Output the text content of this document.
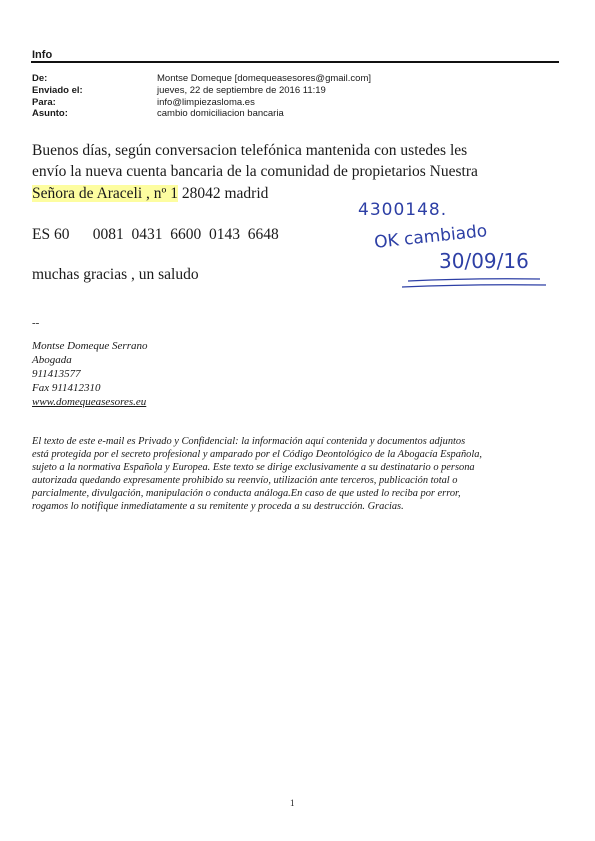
Info
De:	Montse Domeque [domequeasesores@gmail.com]
Enviado el:	jueves, 22 de septiembre de 2016 11:19
Para:	info@limpiezasloma.es
Asunto:	cambio domiciliacion bancaria
Buenos días, según conversacion telefónica mantenida con ustedes les
envío la nueva cuenta bancaria de la comunidad de propietarios Nuestra
Señora de Araceli , nº 1 28042 madrid
ES 60      0081  0431  6600  0143  6648
muchas gracias , un saludo
4300148.
OK cambiado
30/09/16
--
Montse Domeque Serrano
Abogada
911413577
Fax 911412310
www.domequeasesores.eu
El texto de este e-mail es Privado y Confidencial: la información aquí contenida y documentos adjuntos
está protegida por el secreto profesional y amparado por el Código Deontológico de la Abogacía Española,
sujeto a la normativa Española y Europea. Este texto se dirige exclusivamente a su destinatario o persona
autorizada quedando expresamente prohibido su reenvío, utilización ante terceros, publicación total o
parcialmente, divulgación, manipulación o conducta análoga.En caso de que usted lo reciba por error,
rogamos lo notifique inmediatamente a su remitente y proceda a su destrucción. Gracias.
1
